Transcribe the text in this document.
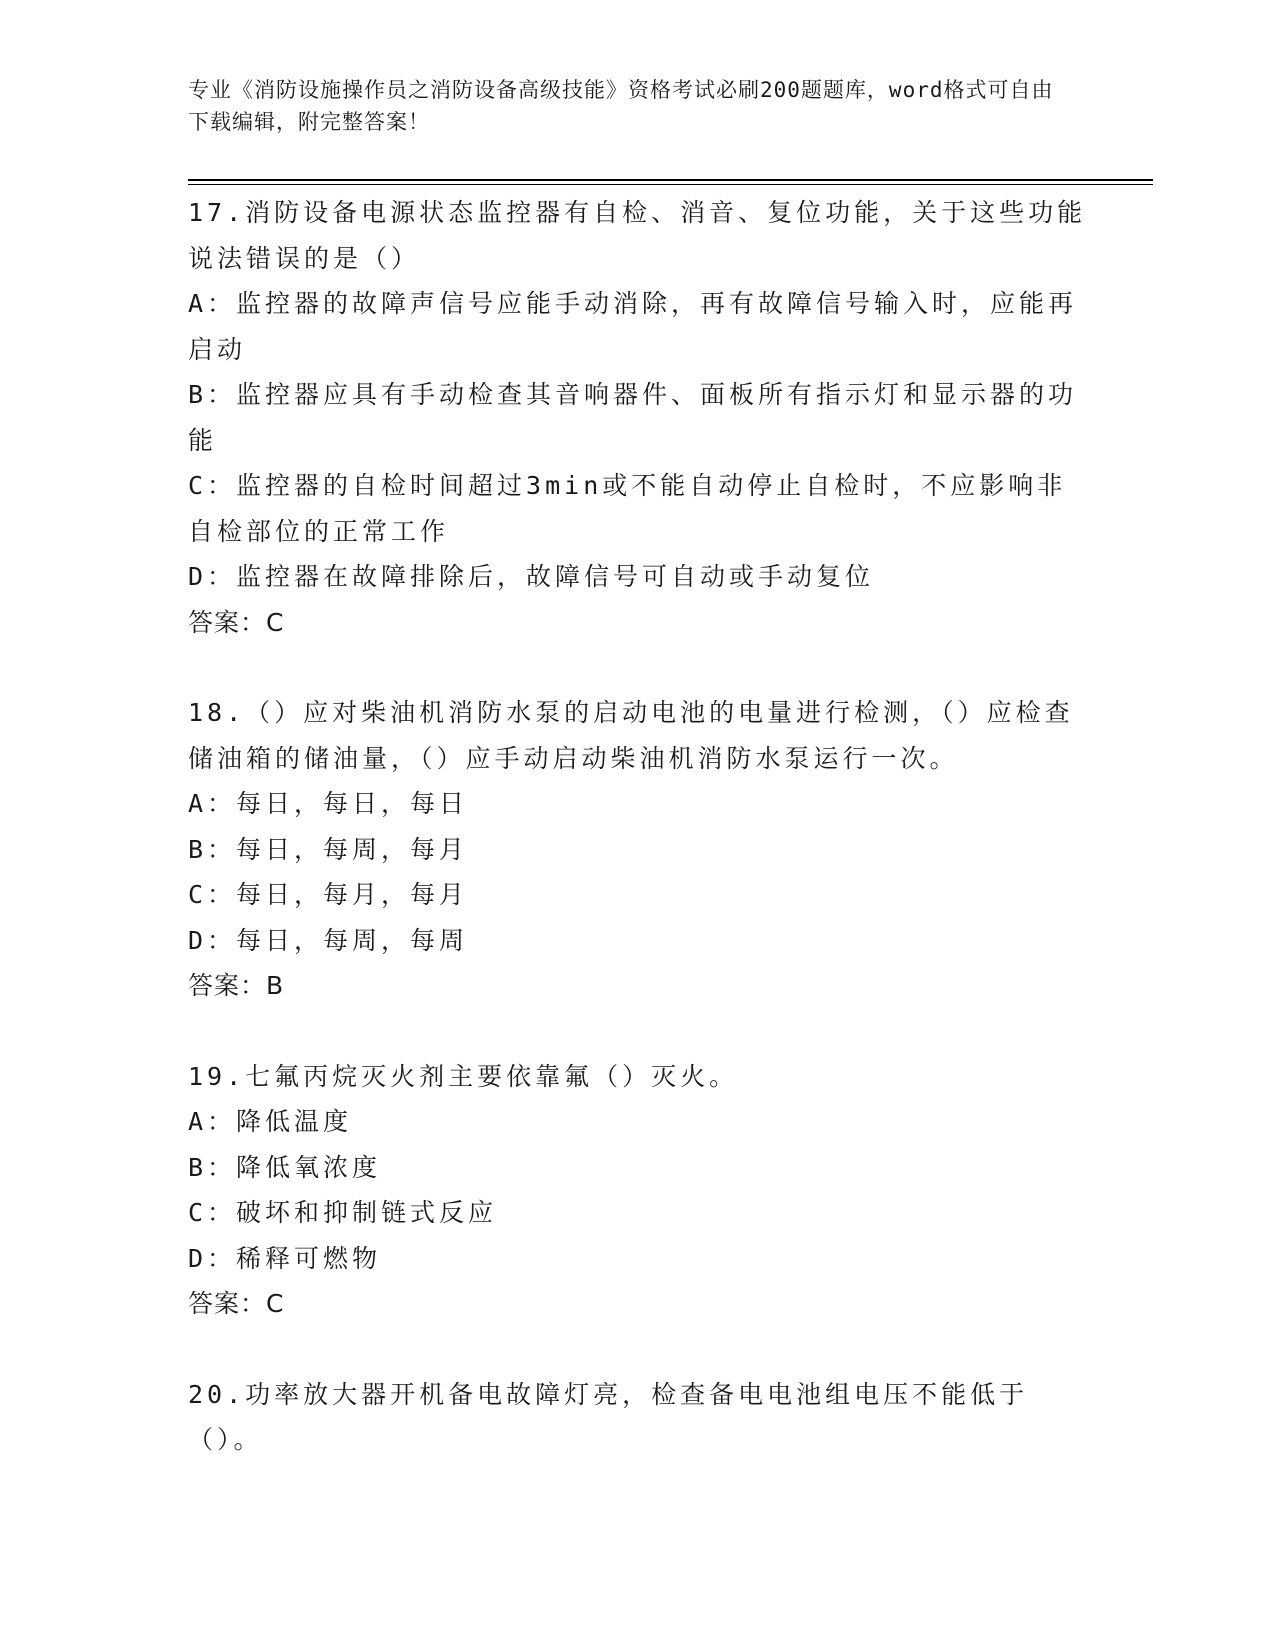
专业《消防设施操作员之消防设备高级技能》资格考试必刷200题题库，word格式可自由下载编辑，附完整答案！
17.消防设备电源状态监控器有自检、消音、复位功能，关于这些功能说法错误的是（）
A：监控器的故障声信号应能手动消除，再有故障信号输入时，应能再启动
B：监控器应具有手动检查其音响器件、面板所有指示灯和显示器的功能
C：监控器的自检时间超过3min或不能自动停止自检时，不应影响非自检部位的正常工作
D：监控器在故障排除后，故障信号可自动或手动复位
答案：C
18.（）应对柴油机消防水泵的启动电池的电量进行检测，（）应检查储油箱的储油量，（）应手动启动柴油机消防水泵运行一次。
A：每日，每日，每日
B：每日，每周，每月
C：每日，每月，每月
D：每日，每周，每周
答案：B
19.七氟丙烷灭火剂主要依靠氟（）灭火。
A：降低温度
B：降低氧浓度
C：破坏和抑制链式反应
D：稀释可燃物
答案：C
20.功率放大器开机备电故障灯亮，检查备电电池组电压不能低于（）。
